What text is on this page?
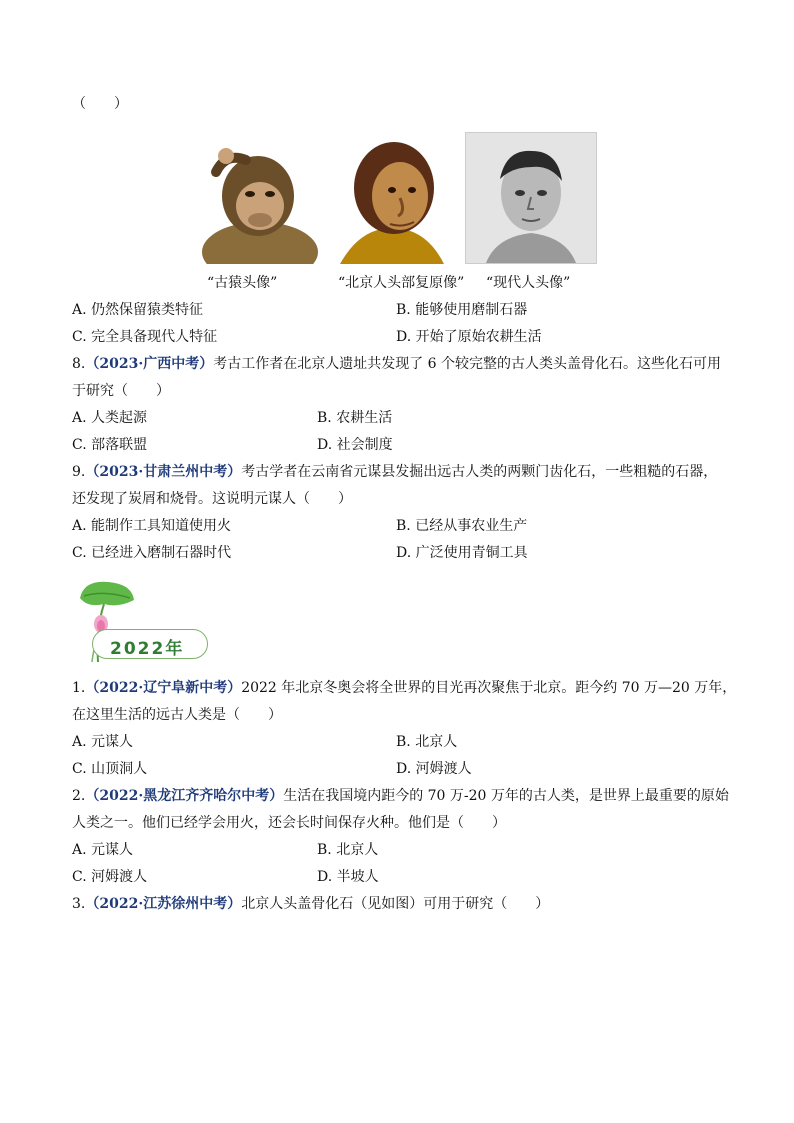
（　　）
“古猿头像”	“北京人头部复原像” “现代人头像”
A. 仍然保留猿类特征	B. 能够使用磨制石器
C. 完全具备现代人特征	D. 开始了原始农耕生活
8.（2023·广西中考）考古工作者在北京人遗址共发现了 6 个较完整的古人类头盖骨化石。这些化石可用
于研究（　　）
A. 人类起源	B. 农耕生活
C. 部落联盟	D. 社会制度
9.（2023·甘肃兰州中考）考古学者在云南省元谋县发掘出远古人类的两颗门齿化石，一些粗糙的石器，
还发现了炭屑和烧骨。这说明元谋人（　　）
A. 能制作工具知道使用火	B. 已经从事农业生产
C. 已经进入磨制石器时代	D. 广泛使用青铜工具
2022年
1.（2022·辽宁阜新中考）2022 年北京冬奥会将全世界的目光再次聚焦于北京。距今约 70 万—20 万年，
在这里生活的远古人类是（　　）
A. 元谋人	B. 北京人
C. 山顶洞人	D. 河姆渡人
2.（2022·黑龙江齐齐哈尔中考）生活在我国境内距今的 70 万-20 万年的古人类，是世界上最重要的原始
人类之一。他们已经学会用火，还会长时间保存火种。他们是（　　）
A. 元谋人	B. 北京人
C. 河姆渡人	D. 半坡人
3.（2022·江苏徐州中考）北京人头盖骨化石（见如图）可用于研究（　　）
